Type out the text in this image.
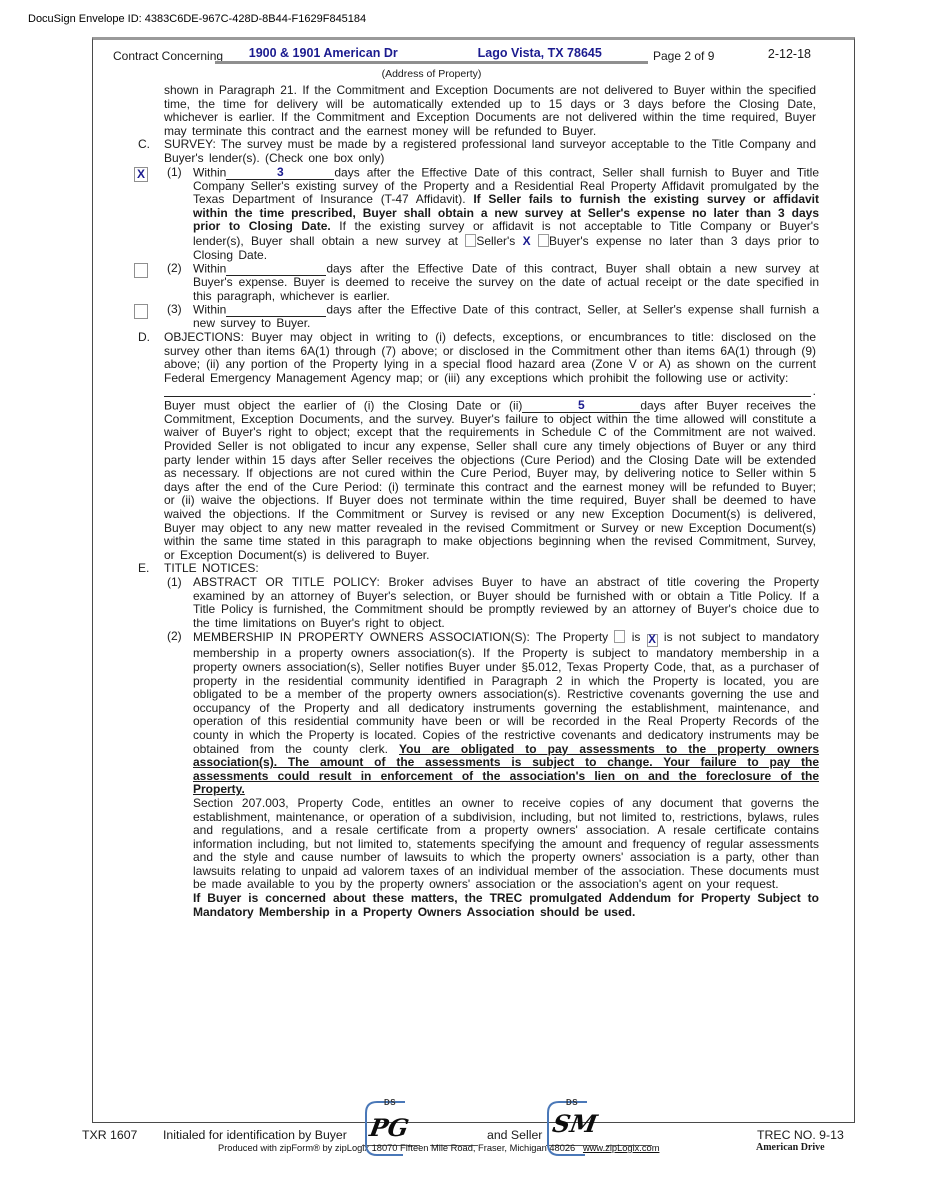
DocuSign Envelope ID: 4383C6DE-967C-428D-8B44-F1629F845184
Contract Concerning	1900 & 1901 American Dr	Lago Vista, TX 78645	Page 2 of 9	2-12-18
(Address of Property)
shown in Paragraph 21. If the Commitment and Exception Documents are not delivered to Buyer within the specified time, the time for delivery will be automatically extended up to 15 days or 3 days before the Closing Date, whichever is earlier. If the Commitment and Exception Documents are not delivered within the time required, Buyer may terminate this contract and the earnest money will be refunded to Buyer.
C.	SURVEY: The survey must be made by a registered professional land surveyor acceptable to the Title Company and Buyer's lender(s). (Check one box only)
X	(1) Within	3	days after the Effective Date of this contract, Seller shall furnish to Buyer and Title Company Seller's existing survey of the Property and a Residential Real Property Affidavit promulgated by the Texas Department of Insurance (T-47 Affidavit). If Seller fails to furnish the existing survey or affidavit within the time prescribed, Buyer shall obtain a new survey at Seller's expense no later than 3 days prior to Closing Date. If the existing survey or affidavit is not acceptable to Title Company or Buyer's lender(s), Buyer shall obtain a new survey at Seller's X Buyer's expense no later than 3 days prior to Closing Date.
(2) Within	days after the Effective Date of this contract, Buyer shall obtain a new survey at Buyer's expense. Buyer is deemed to receive the survey on the date of actual receipt or the date specified in this paragraph, whichever is earlier.
(3) Within	days after the Effective Date of this contract, Seller, at Seller's expense shall furnish a new survey to Buyer.
D.	OBJECTIONS: Buyer may object in writing to (i) defects, exceptions, or encumbrances to title: disclosed on the survey other than items 6A(1) through (7) above; or disclosed in the Commitment other than items 6A(1) through (9) above; (ii) any portion of the Property lying in a special flood hazard area (Zone V or A) as shown on the current Federal Emergency Management Agency map; or (iii) any exceptions which prohibit the following use or activity:
.
Buyer must object the earlier of (i) the Closing Date or (ii)	5	days after Buyer receives the Commitment, Exception Documents, and the survey. Buyer's failure to object within the time allowed will constitute a waiver of Buyer's right to object; except that the requirements in Schedule C of the Commitment are not waived. Provided Seller is not obligated to incur any expense, Seller shall cure any timely objections of Buyer or any third party lender within 15 days after Seller receives the objections (Cure Period) and the Closing Date will be extended as necessary. If objections are not cured within the Cure Period, Buyer may, by delivering notice to Seller within 5 days after the end of the Cure Period: (i) terminate this contract and the earnest money will be refunded to Buyer; or (ii) waive the objections. If Buyer does not terminate within the time required, Buyer shall be deemed to have waived the objections. If the Commitment or Survey is revised or any new Exception Document(s) is delivered, Buyer may object to any new matter revealed in the revised Commitment or Survey or new Exception Document(s) within the same time stated in this paragraph to make objections beginning when the revised Commitment, Survey, or Exception Document(s) is delivered to Buyer.
E.	TITLE NOTICES:
(1) ABSTRACT OR TITLE POLICY: Broker advises Buyer to have an abstract of title covering the Property examined by an attorney of Buyer's selection, or Buyer should be furnished with or obtain a Title Policy. If a Title Policy is furnished, the Commitment should be promptly reviewed by an attorney of Buyer's choice due to the time limitations on Buyer's right to object.
(2) MEMBERSHIP IN PROPERTY OWNERS ASSOCIATION(S): The Property  is X is not subject to mandatory membership in a property owners association(s). If the Property is subject to mandatory membership in a property owners association(s), Seller notifies Buyer under §5.012, Texas Property Code, that, as a purchaser of property in the residential community identified in Paragraph 2 in which the Property is located, you are obligated to be a member of the property owners association(s). Restrictive covenants governing the use and occupancy of the Property and all dedicatory instruments governing the establishment, maintenance, and operation of this residential community have been or will be recorded in the Real Property Records of the county in which the Property is located. Copies of the restrictive covenants and dedicatory instruments may be obtained from the county clerk. You are obligated to pay assessments to the property owners association(s). The amount of the assessments is subject to change. Your failure to pay the assessments could result in enforcement of the association's lien on and the foreclosure of the Property.
Section 207.003, Property Code, entitles an owner to receive copies of any document that governs the establishment, maintenance, or operation of a subdivision, including, but not limited to, restrictions, bylaws, rules and regulations, and a resale certificate from a property owners' association. A resale certificate contains information including, but not limited to, statements specifying the amount and frequency of regular assessments and the style and cause number of lawsuits to which the property owners' association is a party, other than lawsuits relating to unpaid ad valorem taxes of an individual member of the association. These documents must be made available to you by the property owners' association or the association's agent on your request.
If Buyer is concerned about these matters, the TREC promulgated Addendum for Property Subject to Mandatory Membership in a Property Owners Association should be used.
TXR 1607 Initialed for identification by Buyer	and Seller	TREC NO. 9-13
Produced with zipForm® by zipLogix 18070 Fifteen Mile Road, Fraser, Michigan 48026 www.zipLogix.com	American Drive
DS
PG
DS
SM
